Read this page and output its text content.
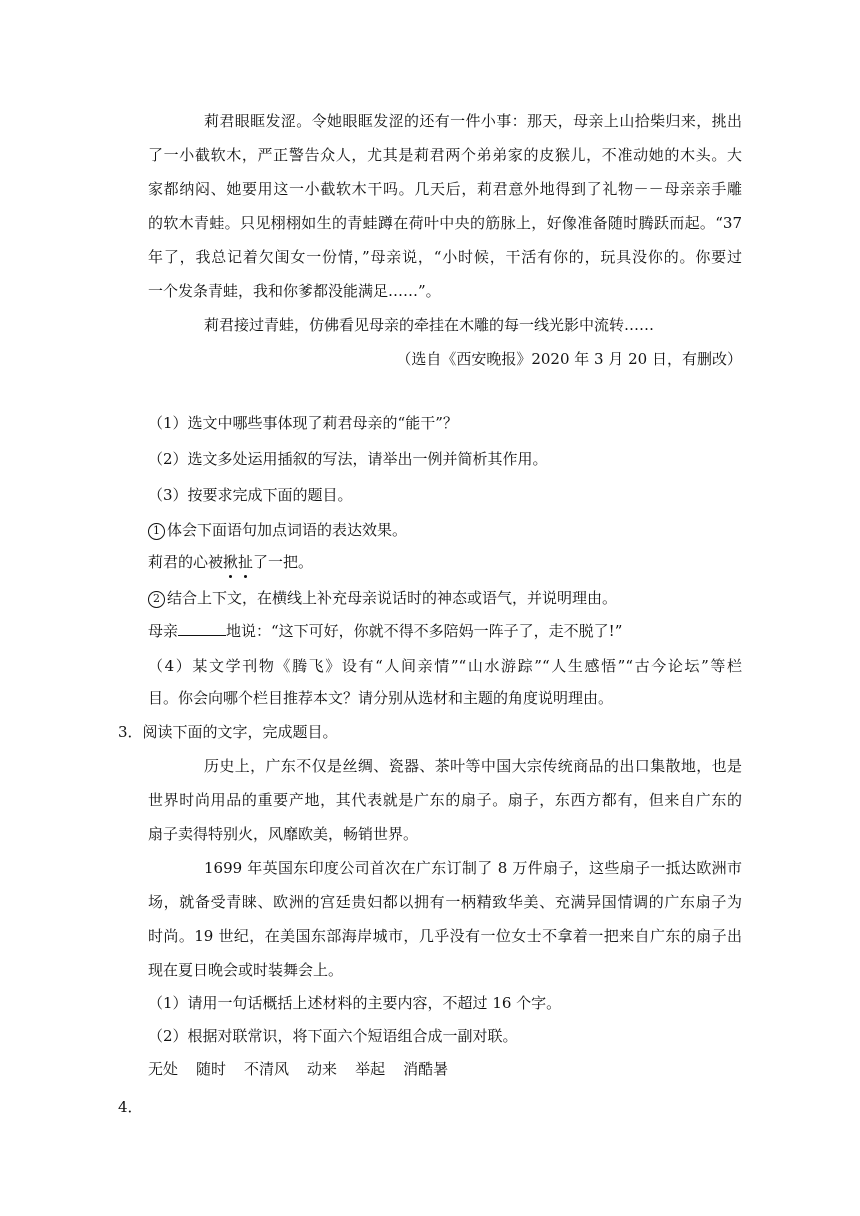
莉君眼眶发涩。令她眼眶发涩的还有一件小事：那天，母亲上山拾柴归来，挑出
了一小截软木，严正警告众人，尤其是莉君两个弟弟家的皮猴儿，不准动她的木头。大
家都纳闷、她要用这一小截软木干吗。几天后，莉君意外地得到了礼物－－母亲亲手雕
的软木青蛙。只见栩栩如生的青蛙蹲在荷叶中央的筋脉上，好像准备随时腾跃而起。“37
年了，我总记着欠闺女一份情，”母亲说，“小时候，干活有你的，玩具没你的。你要过
一个发条青蛙，我和你爹都没能满足……”。
莉君接过青蛙，仿佛看见母亲的牵挂在木雕的每一线光影中流转……
（选自《西安晚报》2020 年 3 月 20 日，有删改）
（1）选文中哪些事体现了莉君母亲的“能干”？
（2）选文多处运用插叙的写法，请举出一例并简析其作用。
（3）按要求完成下面的题目。
1 体会下面语句加点词语的表达效果。
莉君的心被揪扯了一把。
2 结合上下文，在横线上补充母亲说话时的神态或语气，并说明理由。
母亲	地说：“这下可好，你就不得不多陪妈一阵子了，走不脱了!”
（4）某文学刊物《腾飞》设有“人间亲情”“山水游踪”“人生感悟”“古今论坛”等栏
目。你会向哪个栏目推荐本文？请分别从选材和主题的角度说明理由。
3．阅读下面的文字，完成题目。
历史上，广东不仅是丝绸、瓷器、茶叶等中国大宗传统商品的出口集散地，也是
世界时尚用品的重要产地，其代表就是广东的扇子。扇子，东西方都有，但来自广东的
扇子卖得特别火，风靡欧美，畅销世界。
1699 年英国东印度公司首次在广东订制了 8 万件扇子，这些扇子一抵达欧洲市
场，就备受青睐、欧洲的宫廷贵妇都以拥有一柄精致华美、充满异国情调的广东扇子为
时尚。19 世纪，在美国东部海岸城市，几乎没有一位女士不拿着一把来自广东的扇子出
现在夏日晚会或时装舞会上。
（1）请用一句话概括上述材料的主要内容，不超过 16 个字。
（2）根据对联常识，将下面六个短语组合成一副对联。
无处 随时 不清风 动来 举起 消酷暑
4．
